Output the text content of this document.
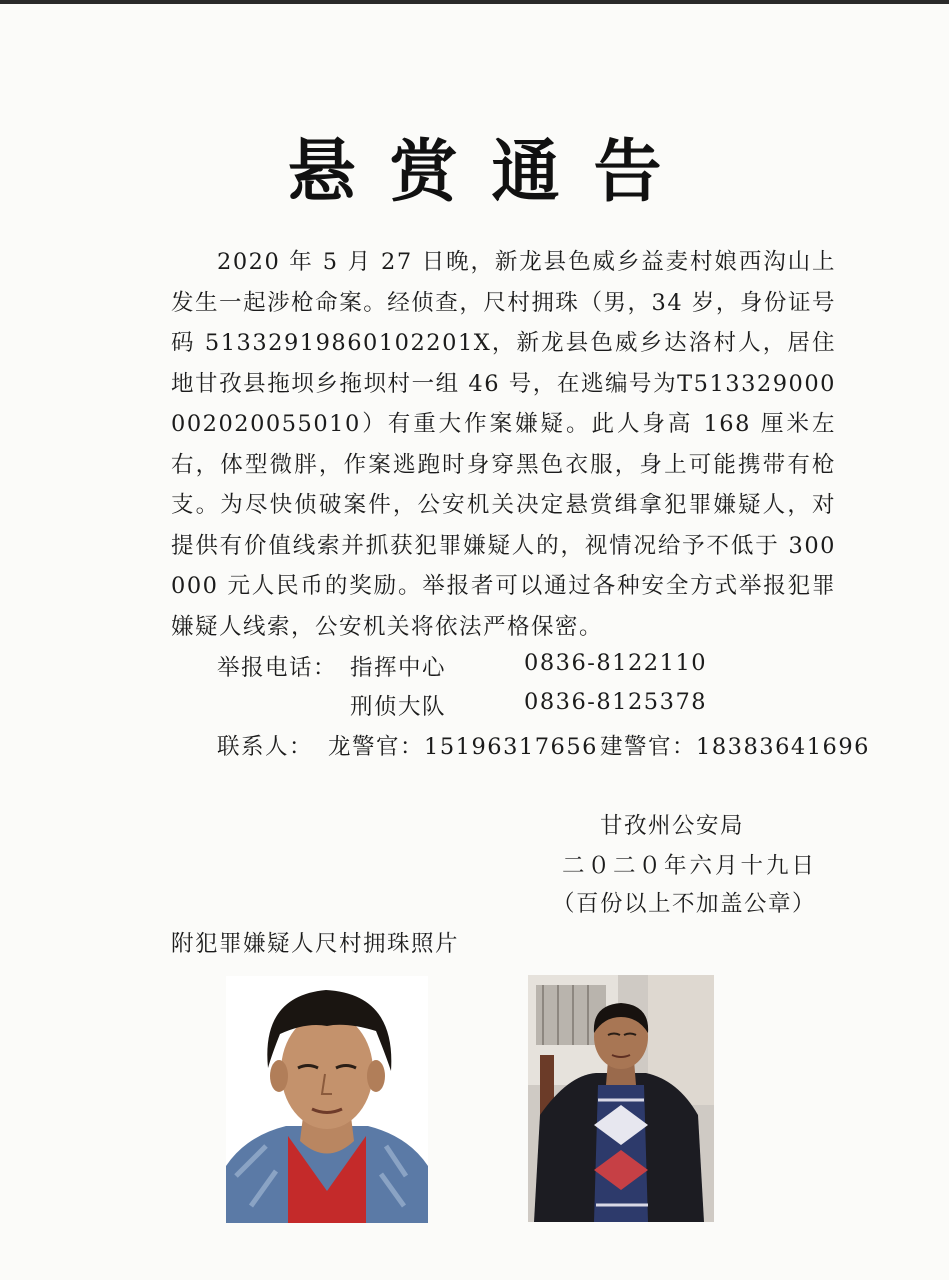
悬赏通告

2020 年 5 月 27 日晚，新龙县色威乡益麦村娘西沟山上发生一起涉枪命案。经侦查，尺村拥珠（男，34 岁，身份证号码 51332919860102201X，新龙县色威乡达洛村人，居住地甘孜县拖坝乡拖坝村一组 46 号，在逃编号为T513329000002020055010）有重大作案嫌疑。此人身高 168 厘米左右，体型微胖，作案逃跑时身穿黑色衣服，身上可能携带有枪支。为尽快侦破案件，公安机关决定悬赏缉拿犯罪嫌疑人，对提供有价值线索并抓获犯罪嫌疑人的，视情况给予不低于 300000 元人民币的奖励。举报者可以通过各种安全方式举报犯罪嫌疑人线索，公安机关将依法严格保密。

举报电话： 指挥中心	0836-8122110
刑侦大队	0836-8125378
联系人： 龙警官：15196317656 建警官：18383641696
甘孜州公安局
二０二０年六月十九日
（百份以上不加盖公章）
附犯罪嫌疑人尺村拥珠照片
